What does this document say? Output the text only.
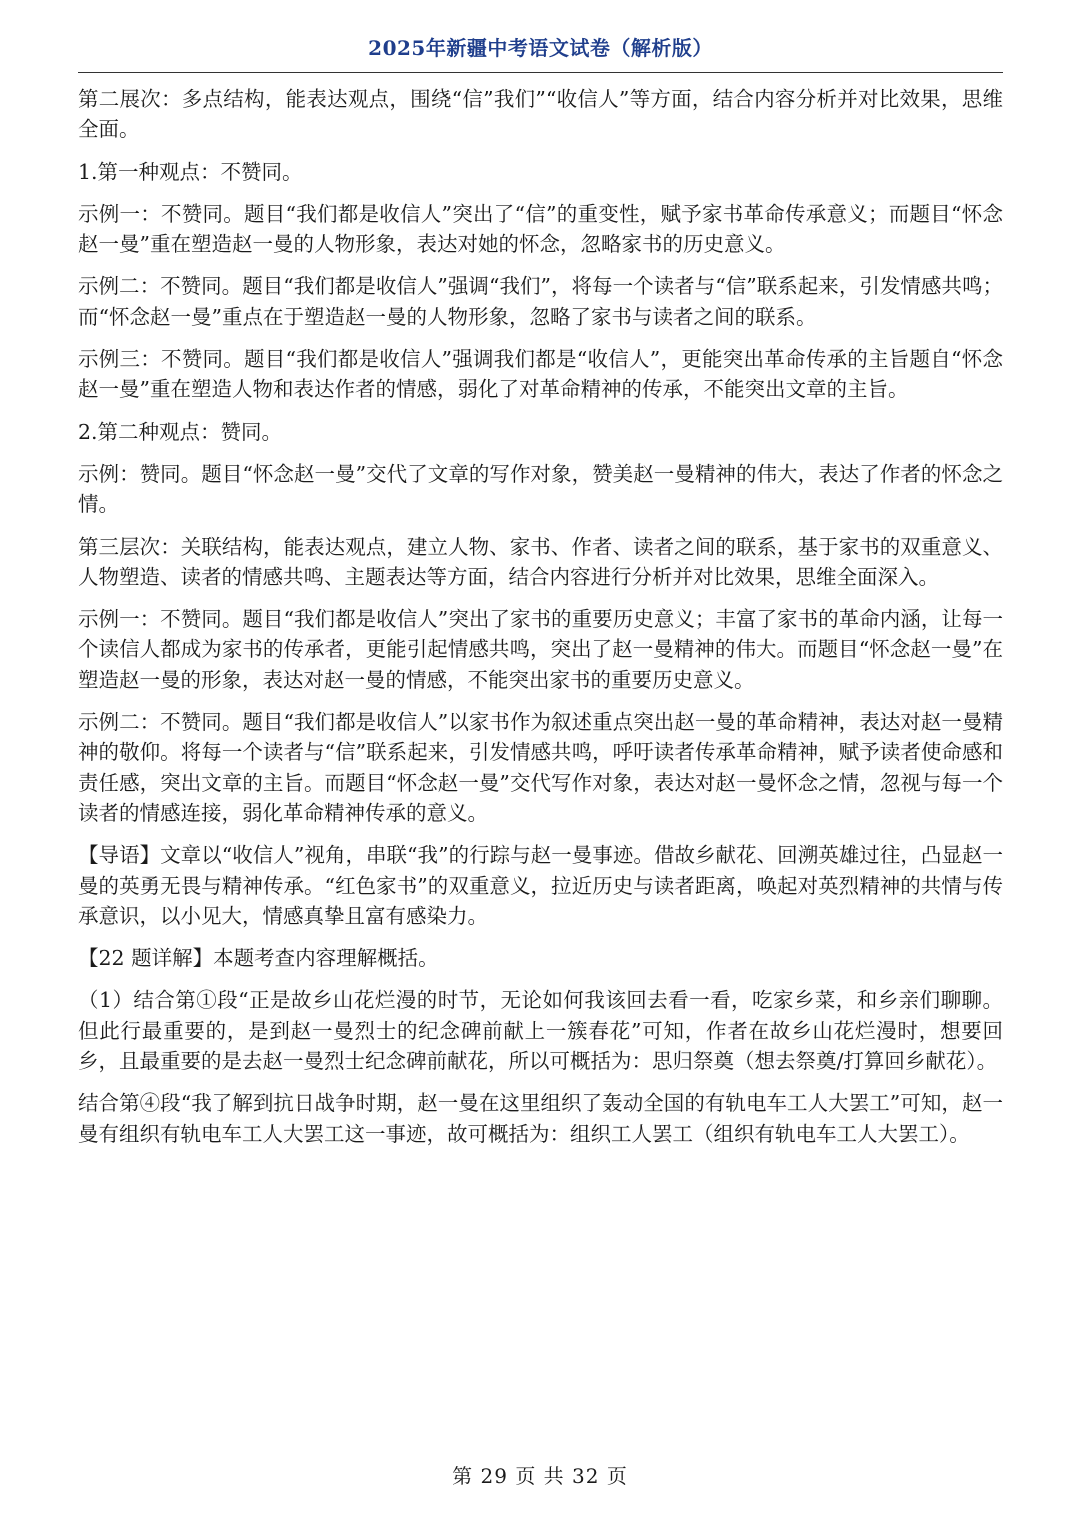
2025年新疆中考语文试卷（解析版）

第二展次：多点结构，能表达观点，围绕“信”我们”“收信人”等方面，结合内容分析并对比效果，思维全面。

1.第一种观点：不赞同。

示例一：不赞同。题目“我们都是收信人”突出了“信”的重变性，赋予家书革命传承意义；而题目“怀念赵一曼”重在塑造赵一曼的人物形象，表达对她的怀念，忽略家书的历史意义。

示例二：不赞同。题目“我们都是收信人”强调“我们”，将每一个读者与“信”联系起来，引发情感共鸣；而“怀念赵一曼”重点在于塑造赵一曼的人物形象，忽略了家书与读者之间的联系。

示例三：不赞同。题目“我们都是收信人”强调我们都是“收信人”，更能突出革命传承的主旨题自“怀念赵一曼”重在塑造人物和表达作者的情感，弱化了对革命精神的传承，不能突出文章的主旨。

2.第二种观点：赞同。

示例：赞同。题目“怀念赵一曼”交代了文章的写作对象，赞美赵一曼精神的伟大，表达了作者的怀念之情。

第三层次：关联结构，能表达观点，建立人物、家书、作者、读者之间的联系，基于家书的双重意义、人物塑造、读者的情感共鸣、主题表达等方面，结合内容进行分析并对比效果，思维全面深入。

示例一：不赞同。题目“我们都是收信人”突出了家书的重要历史意义；丰富了家书的革命内涵，让每一个读信人都成为家书的传承者，更能引起情感共鸣，突出了赵一曼精神的伟大。而题目“怀念赵一曼”在塑造赵一曼的形象，表达对赵一曼的情感，不能突出家书的重要历史意义。

示例二：不赞同。题目“我们都是收信人”以家书作为叙述重点突出赵一曼的革命精神，表达对赵一曼精神的敬仰。将每一个读者与“信”联系起来，引发情感共鸣，呼吁读者传承革命精神，赋予读者使命感和责任感，突出文章的主旨。而题目“怀念赵一曼”交代写作对象，表达对赵一曼怀念之情，忽视与每一个读者的情感连接，弱化革命精神传承的意义。

【导语】文章以“收信人”视角，串联“我”的行踪与赵一曼事迹。借故乡献花、回溯英雄过往，凸显赵一曼的英勇无畏与精神传承。“红色家书”的双重意义，拉近历史与读者距离，唤起对英烈精神的共情与传承意识，以小见大，情感真挚且富有感染力。

【22 题详解】本题考查内容理解概括。

（1）结合第①段“正是故乡山花烂漫的时节，无论如何我该回去看一看，吃家乡菜，和乡亲们聊聊。但此行最重要的，是到赵一曼烈士的纪念碑前献上一簇春花”可知，作者在故乡山花烂漫时，想要回乡，且最重要的是去赵一曼烈士纪念碑前献花，所以可概括为：思归祭奠（想去祭奠/打算回乡献花）。

结合第④段“我了解到抗日战争时期，赵一曼在这里组织了轰动全国的有轨电车工人大罢工”可知，赵一曼有组织有轨电车工人大罢工这一事迹，故可概括为：组织工人罢工（组织有轨电车工人大罢工）。

第 29 页 共 32 页
